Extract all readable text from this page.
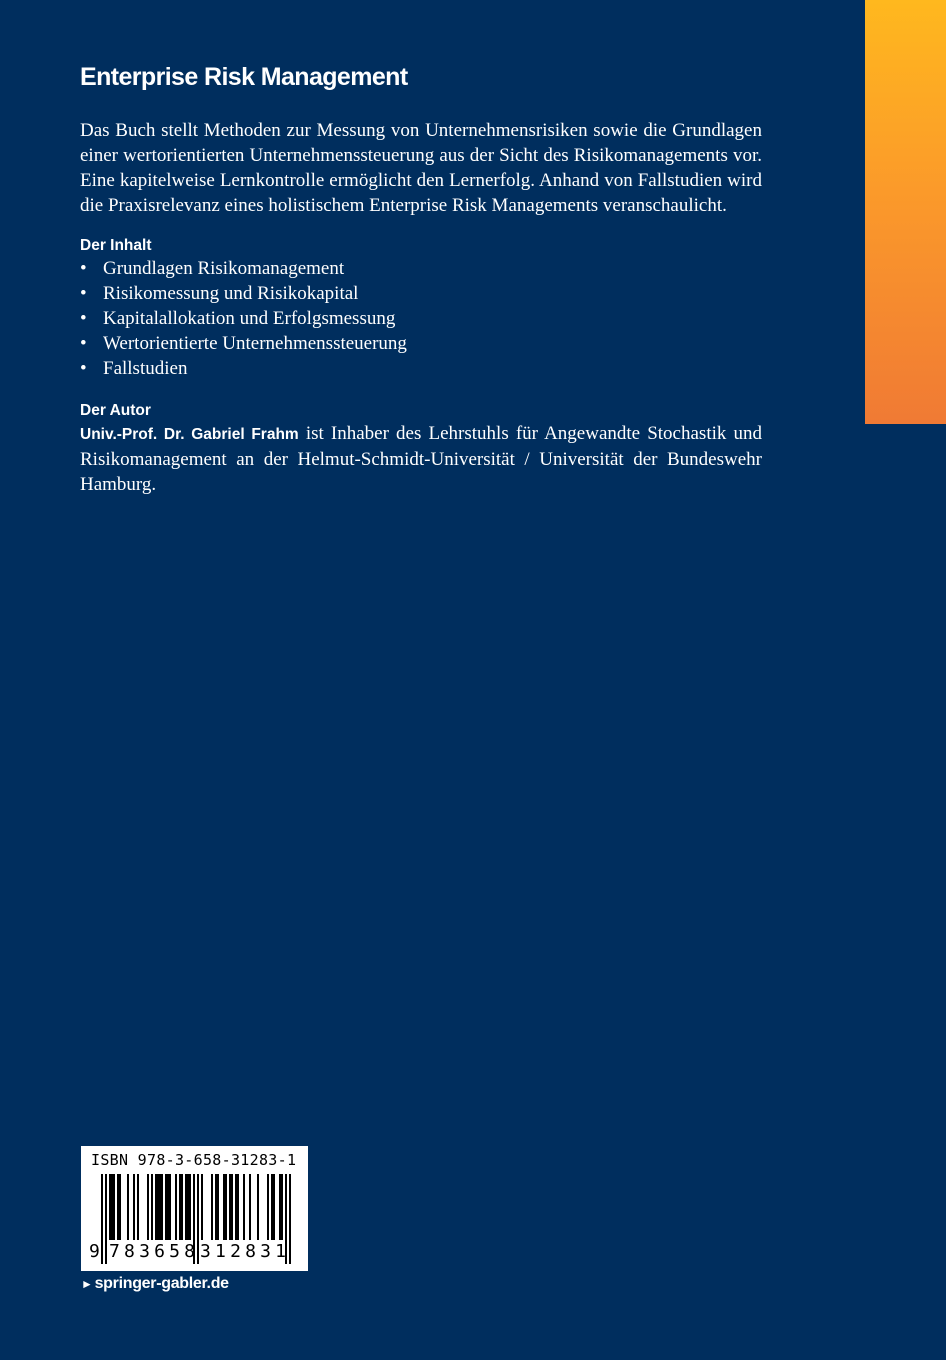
Enterprise Risk Management

Das Buch stellt Methoden zur Messung von Unternehmensrisiken sowie die Grundlagen einer wertorientierten Unternehmenssteuerung aus der Sicht des Risikomanagements vor. Eine kapitelweise Lernkontrolle ermöglicht den Lernerfolg. Anhand von Fallstudien wird die Praxisrelevanz eines holistischem Enterprise Risk Managements veranschaulicht.

Der Inhalt
• Grundlagen Risikomanagement
• Risikomessung und Risikokapital
• Kapitalallokation und Erfolgsmessung
• Wertorientierte Unternehmenssteuerung
• Fallstudien
Der Autor

Univ.-Prof. Dr. Gabriel Frahm ist Inhaber des Lehrstuhls für Angewandte Stochastik und Risikomanagement an der Helmut-Schmidt-Universität / Universität der Bundeswehr Hamburg.

ISBN 978-3-658-31283-1
9 783658 312831
► springer-gabler.de
